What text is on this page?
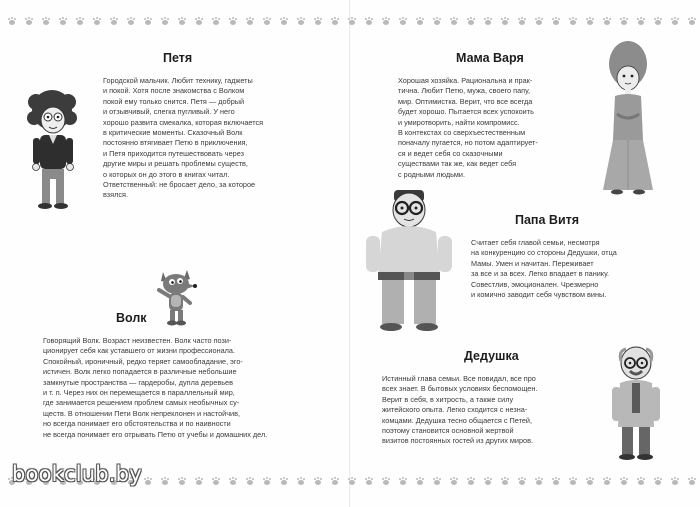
Петя
Городской мальчик. Любит технику, гаджеты
и покой. Хотя после знакомства с Волком
покой ему только снится. Петя — добрый
и отзывчивый, слегка пугливый. У него
хорошо развита смекалка, которая включается
в критические моменты. Сказочный Волк
постоянно втягивает Петю в приключения,
и Петя приходится путешествовать через
другие миры и решать проблемы существ,
о которых он до этого в книгах читал.
Ответственный: не бросает дело, за которое
взялся.
Волк
Говорящий Волк. Возраст неизвестен. Волк часто пози-
ционирует себя как уставшего от жизни профессионала.
Спокойный, ироничный, редко теряет самообладание, эго-
истичен. Волк легко попадается в различные небольшие
замкнутые пространства — гардеробы, дупла деревьев
и т. п. Через них он перемещается в параллельный мир,
где занимается решением проблем самых необычных су-
ществ. В отношении Пети Волк непреклонен и настойчив,
но всегда понимает его обстоятельства и по наивности
не всегда понимает его отрывать Петю от учебы и домашних дел.
Мама Варя
Хорошая хозяйка. Рациональна и прак-
тична. Любит Петю, мужа, своего папу,
мир. Оптимистка. Верит, что все всегда
будет хорошо. Пытается всех успокоить
и умиротворить, найти компромисс.
В контекстах со сверхъестественным
поначалу пугается, но потом адаптирует-
ся и ведет себя со сказочными
существами так же, как ведет себя
с родными людьми.
Папа Витя
Считает себя главой семьи, несмотря
на конкуренцию со стороны Дедушки, отца
Мамы. Умен и начитан. Переживает
за все и за всех. Легко впадает в панику.
Совестлив, эмоционален. Чрезмерно
и комично заводит себя чувством вины.
Дедушка
Истинный глава семьи. Все повидал, все про
всех знает. В бытовых условиях беспомощен.
Верит в себя, в хитрость, а также силу
житейского опыта. Легко сходится с незна-
комцами. Дедушка тесно общается с Петей,
поэтому становится основной жертвой
визитов постоянных гостей из других миров.
bookclub.by
